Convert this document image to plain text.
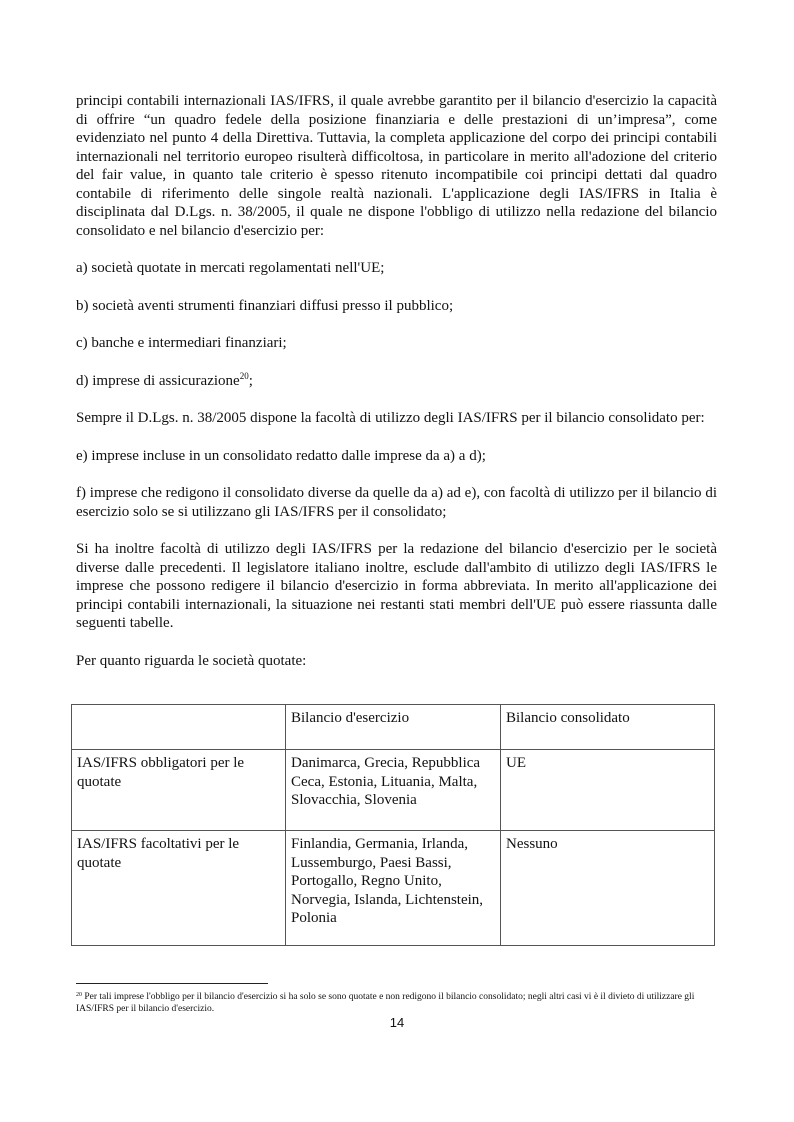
principi contabili internazionali IAS/IFRS, il quale avrebbe garantito per il bilancio d'esercizio la capacità di offrire “un quadro fedele della posizione finanziaria e delle prestazioni di un’impresa”, come evidenziato nel punto 4 della Direttiva. Tuttavia, la completa applicazione del corpo dei principi contabili internazionali nel territorio europeo risulterà difficoltosa, in particolare in merito all'adozione del criterio del fair value, in quanto tale criterio è spesso ritenuto incompatibile coi principi dettati dal quadro contabile di riferimento delle singole realtà nazionali. L'applicazione degli IAS/IFRS in Italia è disciplinata dal D.Lgs. n. 38/2005, il quale ne dispone l'obbligo di utilizzo nella redazione del bilancio consolidato e nel bilancio d'esercizio per:

a) società quotate in mercati regolamentati nell'UE;

b) società aventi strumenti finanziari diffusi presso il pubblico;

c) banche e intermediari finanziari;

d) imprese di assicurazione$^{20}$;

Sempre il D.Lgs. n. 38/2005 dispone la facoltà di utilizzo degli IAS/IFRS per il bilancio consolidato per:

e) imprese incluse in un consolidato redatto dalle imprese da a) a d);

f) imprese che redigono il consolidato diverse da quelle da a) ad e), con facoltà di utilizzo per il bilancio di esercizio solo se si utilizzano gli IAS/IFRS per il consolidato;

Si ha inoltre facoltà di utilizzo degli IAS/IFRS per la redazione del bilancio d'esercizio per le società diverse dalle precedenti. Il legislatore italiano inoltre, esclude dall'ambito di utilizzo degli IAS/IFRS le imprese che possono redigere il bilancio d'esercizio in forma abbreviata. In merito all'applicazione dei principi contabili internazionali, la situazione nei restanti stati membri dell'UE può essere riassunta dalle seguenti tabelle.

Per quanto riguarda le società quotate:

	Bilancio d'esercizio	Bilancio consolidato
IAS/IFRS obbligatori per le quotate	Danimarca, Grecia, Repubblica Ceca, Estonia, Lituania, Malta, Slovacchia, Slovenia	UE
IAS/IFRS facoltativi per le quotate	Finlandia, Germania, Irlanda, Lussemburgo, Paesi Bassi, Portogallo, Regno Unito, Norvegia, Islanda, Lichtenstein, Polonia	Nessuno
$^{20}$ Per tali imprese l'obbligo per il bilancio d'esercizio si ha solo se sono quotate e non redigono il bilancio consolidato; negli altri casi vi è il divieto di utilizzare gli IAS/IFRS per il bilancio d'esercizio.
14
